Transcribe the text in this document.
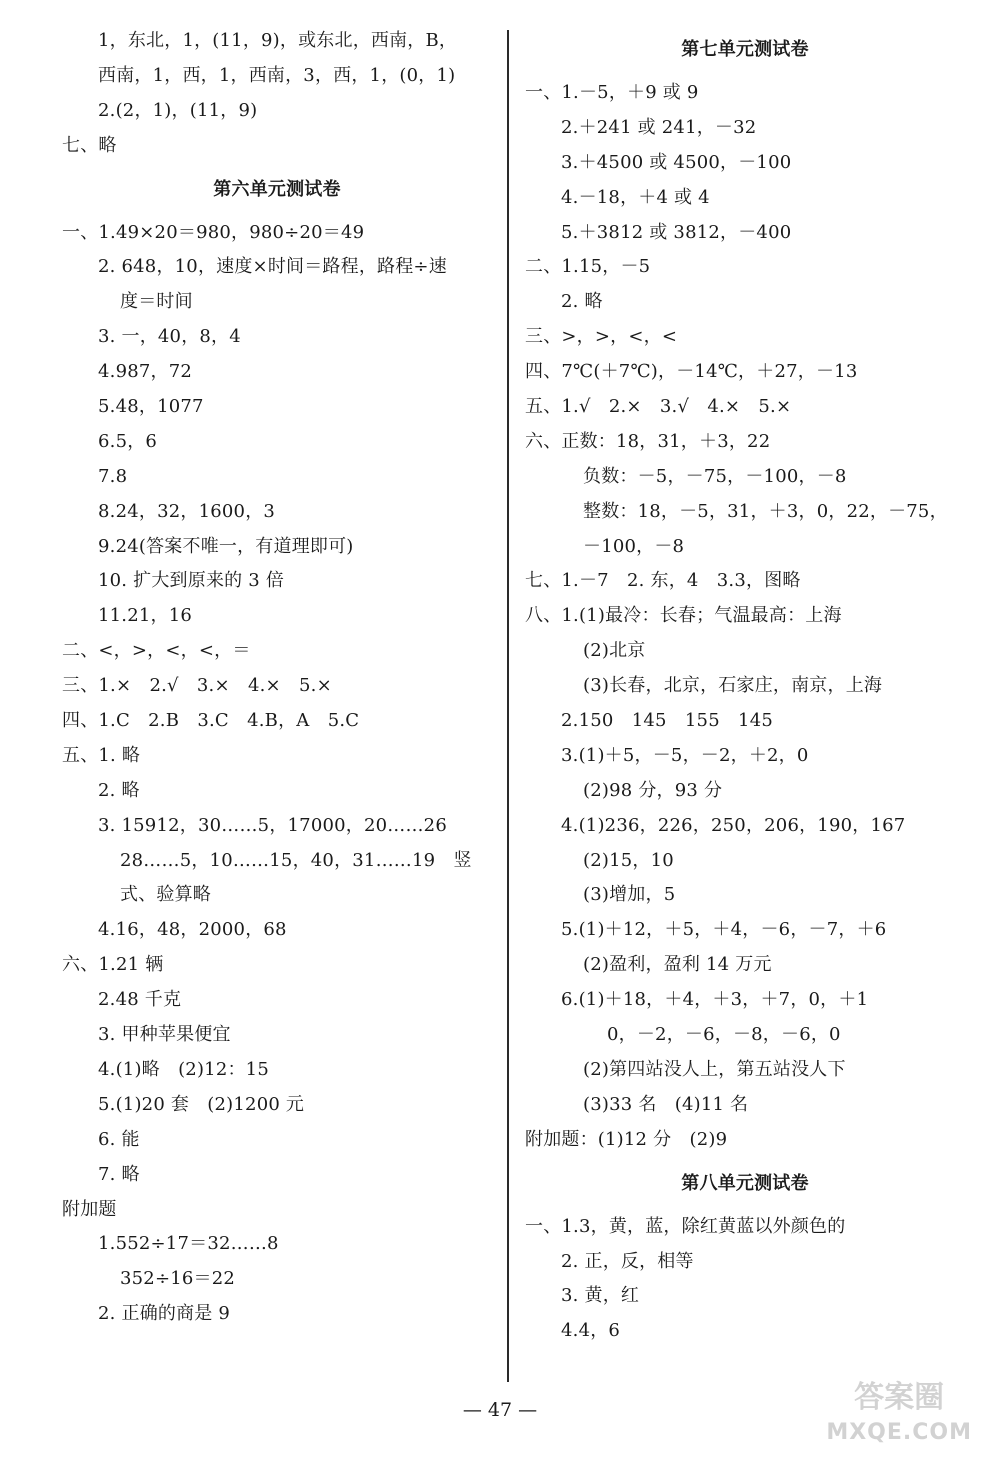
1，东北，1，(11，9)，或东北，西南，B，
西南，1，西，1，西南，3，西，1，(0，1)
2.(2，1)，(11，9)
七、略
第六单元测试卷
一、1.49×20＝980，980÷20＝49
2. 648，10，速度×时间＝路程，路程÷速
度＝时间
3. 一，40，8，4
4.987，72
5.48，1077
6.5，6
7.8
8.24，32，1600，3
9.24(答案不唯一，有道理即可)
10. 扩大到原来的 3 倍
11.21，16
二、<，>，<，<，＝
三、1.×　2.√　3.×　4.×　5.×
四、1.C　2.B　3.C　4.B，A　5.C
五、1. 略
2. 略
3. 15912，30……5，17000，20……26
28……5，10……15，40，31……19　竖
式、验算略
4.16，48，2000，68
六、1.21 辆
2.48 千克
3. 甲种苹果便宜
4.(1)略　(2)12：15
5.(1)20 套　(2)1200 元
6. 能
7. 略
附加题
1.552÷17＝32……8
352÷16＝22
2. 正确的商是 9
第七单元测试卷
一、1.－5，＋9 或 9
2.＋241 或 241，－32
3.＋4500 或 4500，－100
4.－18，＋4 或 4
5.＋3812 或 3812，－400
二、1.15，－5
2. 略
三、>，>，<，<
四、7℃(＋7℃)，－14℃，＋27，－13
五、1.√　2.×　3.√　4.×　5.×
六、正数：18，31，＋3，22
负数：－5，－75，－100，－8
整数：18，－5，31，＋3，0，22，－75，
－100，－8
七、1.－7　2. 东，4　3.3，图略
八、1.(1)最冷：长春；气温最高：上海
(2)北京
(3)长春，北京，石家庄，南京，上海
2.150　145　155　145
3.(1)＋5，－5，－2，＋2，0
(2)98 分，93 分
4.(1)236，226，250，206，190，167
(2)15，10
(3)增加，5
5.(1)＋12，＋5，＋4，－6，－7，＋6
(2)盈利，盈利 14 万元
6.(1)＋18，＋4，＋3，＋7，0，＋1
0，－2，－6，－8，－6，0
(2)第四站没人上，第五站没人下
(3)33 名　(4)11 名
附加题：(1)12 分　(2)9
第八单元测试卷
一、1.3，黄，蓝，除红黄蓝以外颜色的
2. 正，反，相等
3. 黄，红
4.4，6
— 47 —	答案圈
MXQE.COM
